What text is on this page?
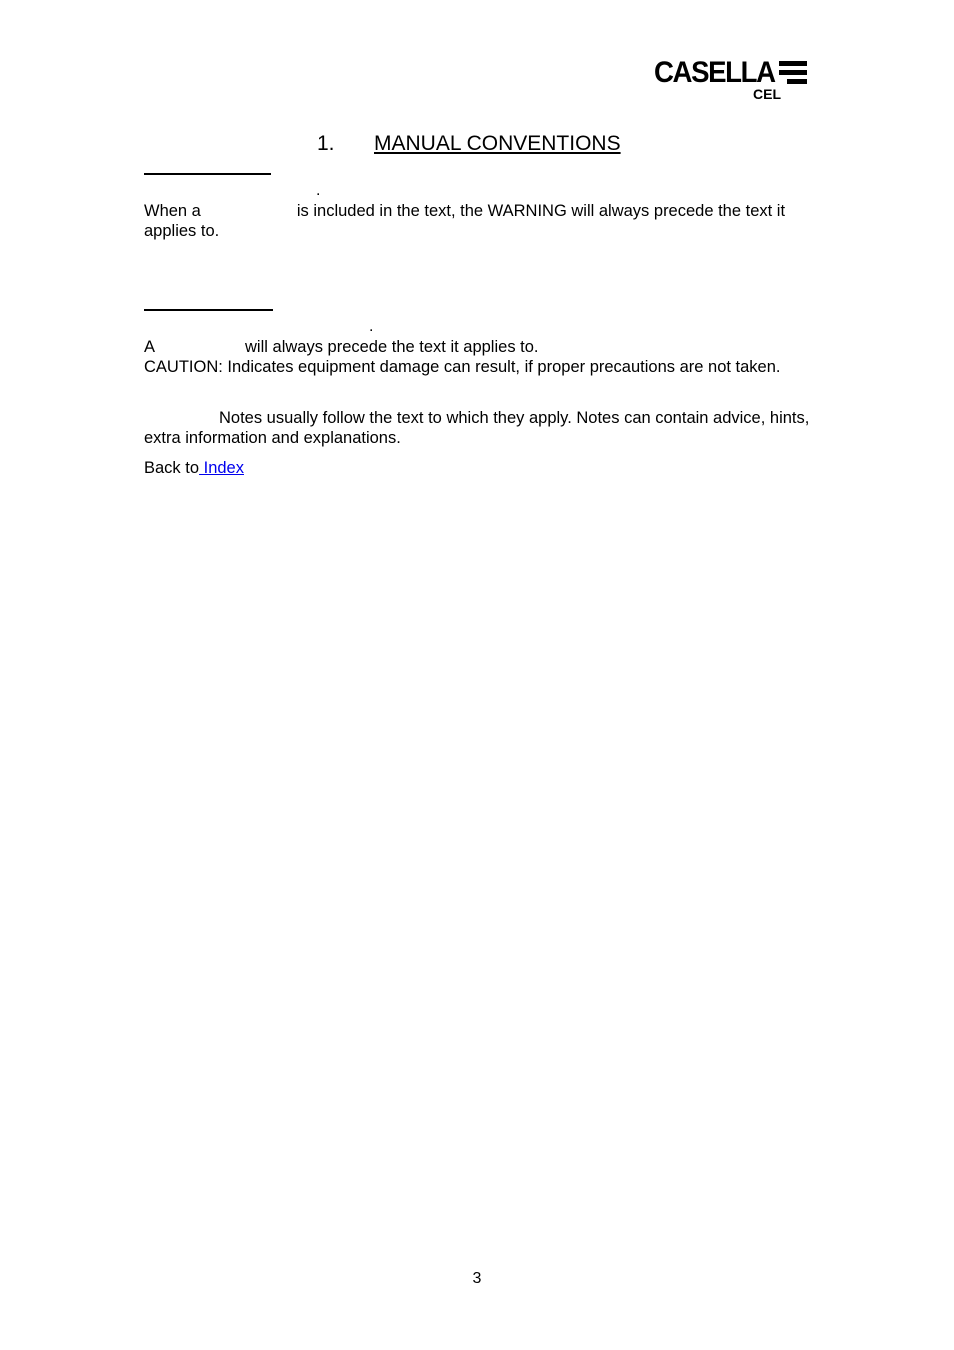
CASELLA
CEL
1. MANUAL CONVENTIONS
.

When a	is included in the text, the WARNING will always precede the text it applies to.

.

A	will always precede the text it applies to.

CAUTION: Indicates equipment damage can result, if proper precautions are not taken.

Notes usually follow the text to which they apply. Notes can contain advice, hints, extra information and explanations.

Back to Index

3
